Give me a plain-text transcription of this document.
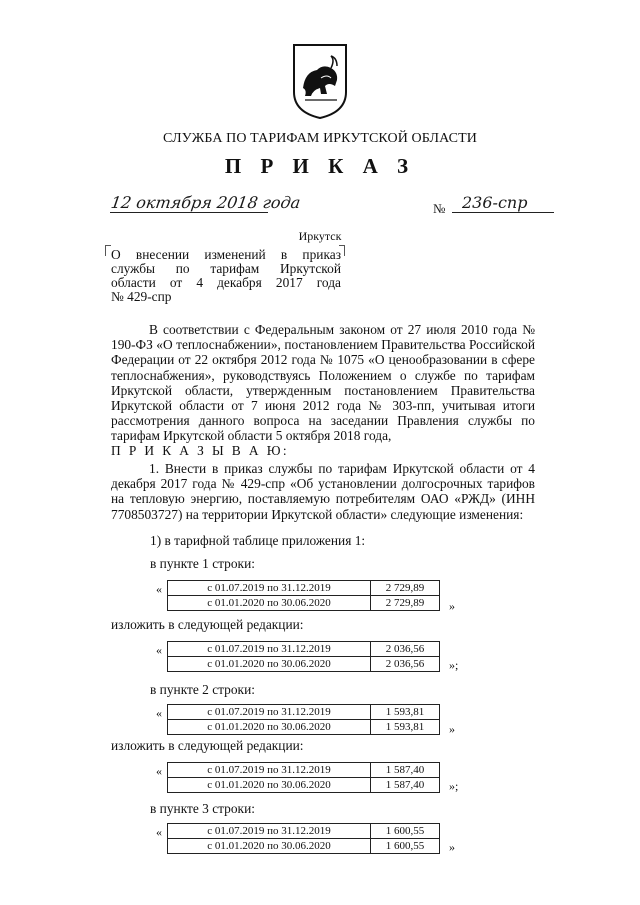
СЛУЖБА ПО ТАРИФАМ ИРКУТСКОЙ ОБЛАСТИ
П Р И К А З
12 октября 2018 года	№ 236-спр
Иркутск
О внесении изменений в приказ
службы по тарифам Иркутской
области от 4 декабря 2017 года
№ 429-спр
В соответствии с Федеральным законом от 27 июля 2010 года № 190-ФЗ «О теплоснабжении», постановлением Правительства Российской Федерации от 22 октября 2012 года № 1075 «О ценообразовании в сфере теплоснабжения», руководствуясь Положением о службе по тарифам Иркутской области, утвержденным постановлением Правительства Иркутской области от 7 июня 2012 года № 303-пп, учитывая итоги рассмотрения данного вопроса на заседании Правления службы по тарифам Иркутской области 5 октября 2018 года,
П Р И К А З Ы В А Ю:
1. Внести в приказ службы по тарифам Иркутской области от 4 декабря 2017 года № 429-спр «Об установлении долгосрочных тарифов на тепловую энергию, поставляемую потребителям ОАО «РЖД» (ИНН 7708503727) на территории Иркутской области» следующие изменения:
1) в тарифной таблице приложения 1:
в пункте 1 строки:
«	с 01.07.2019 по 31.12.2019	2 729,89
с 01.01.2020 по 30.06.2020	2 729,89 »
изложить в следующей редакции:
«	с 01.07.2019 по 31.12.2019	2 036,56
с 01.01.2020 по 30.06.2020	2 036,56 »;
в пункте 2 строки:
«	с 01.07.2019 по 31.12.2019	1 593,81
с 01.01.2020 по 30.06.2020	1 593,81 »
изложить в следующей редакции:
«	с 01.07.2019 по 31.12.2019	1 587,40
с 01.01.2020 по 30.06.2020	1 587,40 »;
в пункте 3 строки:
«	с 01.07.2019 по 31.12.2019	1 600,55
с 01.01.2020 по 30.06.2020	1 600,55 »
